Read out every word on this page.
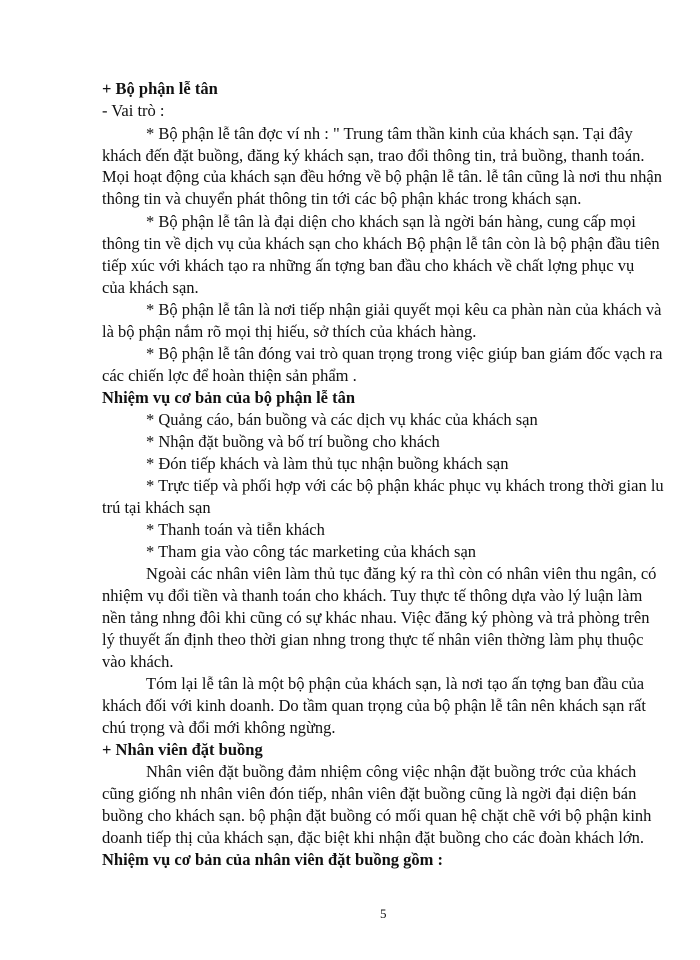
+ Bộ phận lễ tân
- Vai trò :
* Bộ phận lễ tân đợc ví nh : " Trung tâm thần kinh của khách sạn. Tại đây
khách đến đặt buồng, đăng ký khách sạn, trao đổi thông tin, trả buồng, thanh toán.
Mọi hoạt động của khách sạn đều hớng về bộ phận lễ tân. lễ tân cũng là nơi thu nhận
thông tin và chuyển phát thông tin tới các bộ phận khác trong khách sạn.
* Bộ phận lễ tân là đại diện cho khách sạn là ngời bán hàng, cung cấp mọi
thông tin về dịch vụ của khách sạn cho khách Bộ phận lễ tân còn là bộ phận đầu tiên
tiếp xúc với khách tạo ra những ấn tợng ban đầu cho khách về chất lợng phục vụ
của khách sạn.
* Bộ phận lễ tân là nơi tiếp nhận giải quyết mọi kêu ca phàn nàn của khách và
là bộ phận nắm rõ mọi thị hiếu, sở thích của khách hàng.
* Bộ phận lễ tân đóng vai trò quan trọng trong việc giúp ban giám đốc vạch ra
các chiến lợc để hoàn thiện sản phẩm .
Nhiệm vụ cơ bản của bộ phận lễ tân
* Quảng cáo, bán buồng và các dịch vụ khác của khách sạn
* Nhận đặt buồng và bố trí buồng cho khách
* Đón tiếp khách và làm thủ tục nhận buồng khách sạn
* Trực tiếp và phối hợp với các bộ phận khác phục vụ khách trong thời gian lu
trú tại khách sạn
* Thanh toán và tiễn khách
* Tham gia vào công tác marketing của khách sạn
Ngoài các nhân viên làm thủ tục đăng ký ra thì còn có nhân viên thu ngân, có
nhiệm vụ đổi tiền và thanh toán cho khách. Tuy thực tế thông dựa vào lý luận làm
nền tảng nhng đôi khi cũng có sự khác nhau. Việc đăng ký phòng và trả phòng trên
lý thuyết ấn định theo thời gian nhng trong thực tế nhân viên thờng làm phụ thuộc
vào khách.
Tóm lại lễ tân là một bộ phận của khách sạn, là nơi tạo ấn tợng ban đầu của
khách đối với kinh doanh. Do tầm quan trọng của bộ phận lễ tân nên khách sạn rất
chú trọng và đổi mới không ngừng.
+ Nhân viên đặt buồng
Nhân viên đặt buồng đảm nhiệm công việc nhận đặt buồng trớc của khách
cũng giống nh nhân viên đón tiếp, nhân viên đặt buồng cũng là ngời đại diện bán
buồng cho khách sạn. bộ phận đặt buồng có mối quan hệ chặt chẽ với bộ phận kinh
doanh tiếp thị của khách sạn, đặc biệt khi nhận đặt buồng cho các đoàn khách lớn.
Nhiệm vụ cơ bản của nhân viên đặt buồng gồm :
5
